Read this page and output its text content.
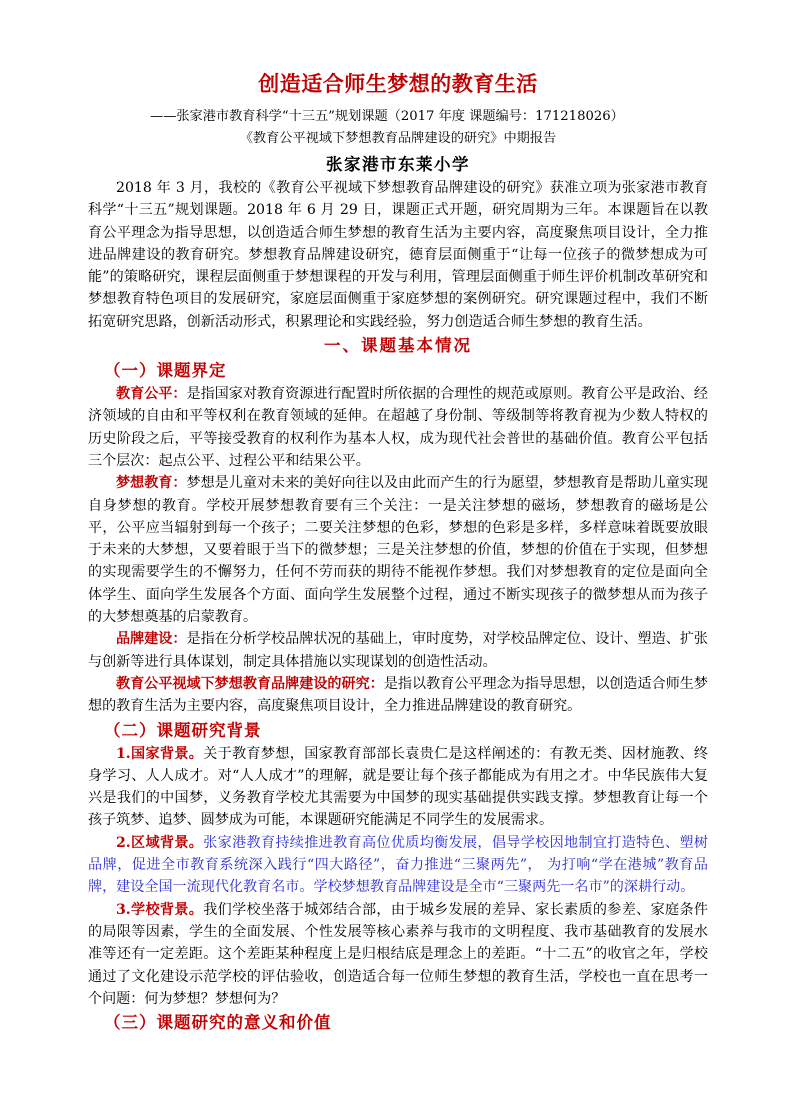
创造适合师生梦想的教育生活
——张家港市教育科学“十三五”规划课题（2017 年度 课题编号：171218026）
《教育公平视域下梦想教育品牌建设的研究》中期报告
张家港市东莱小学

2018 年 3 月，我校的《教育公平视域下梦想教育品牌建设的研究》获准立项为张家港市教育科学“十三五”规划课题。2018 年 6 月 29 日，课题正式开题，研究周期为三年。本课题旨在以教育公平理念为指导思想，以创造适合师生梦想的教育生活为主要内容，高度聚焦项目设计，全力推进品牌建设的教育研究。梦想教育品牌建设研究，德育层面侧重于“让每一位孩子的微梦想成为可能”的策略研究，课程层面侧重于梦想课程的开发与利用，管理层面侧重于师生评价机制改革研究和梦想教育特色项目的发展研究，家庭层面侧重于家庭梦想的案例研究。研究课题过程中，我们不断拓宽研究思路，创新活动形式，积累理论和实践经验，努力创造适合师生梦想的教育生活。

一、课题基本情况
（一）课题界定

教育公平：是指国家对教育资源进行配置时所依据的合理性的规范或原则。教育公平是政治、经济领域的自由和平等权利在教育领域的延伸。在超越了身份制、等级制等将教育视为少数人特权的历史阶段之后，平等接受教育的权利作为基本人权，成为现代社会普世的基础价值。教育公平包括三个层次：起点公平、过程公平和结果公平。

梦想教育：梦想是儿童对未来的美好向往以及由此而产生的行为愿望，梦想教育是帮助儿童实现自身梦想的教育。学校开展梦想教育要有三个关注：一是关注梦想的磁场，梦想教育的磁场是公平，公平应当辐射到每一个孩子；二要关注梦想的色彩，梦想的色彩是多样，多样意味着既要放眼于未来的大梦想，又要着眼于当下的微梦想；三是关注梦想的价值，梦想的价值在于实现，但梦想的实现需要学生的不懈努力，任何不劳而获的期待不能视作梦想。我们对梦想教育的定位是面向全体学生、面向学生发展各个方面、面向学生发展整个过程，通过不断实现孩子的微梦想从而为孩子的大梦想奠基的启蒙教育。

品牌建设：是指在分析学校品牌状况的基础上，审时度势，对学校品牌定位、设计、塑造、扩张与创新等进行具体谋划，制定具体措施以实现谋划的创造性活动。

教育公平视域下梦想教育品牌建设的研究：是指以教育公平理念为指导思想，以创造适合师生梦想的教育生活为主要内容，高度聚焦项目设计，全力推进品牌建设的教育研究。

（二）课题研究背景

1.国家背景。关于教育梦想，国家教育部部长袁贵仁是这样阐述的：有教无类、因材施教、终身学习、人人成才。对“人人成才”的理解，就是要让每个孩子都能成为有用之才。中华民族伟大复兴是我们的中国梦，义务教育学校尤其需要为中国梦的现实基础提供实践支撑。梦想教育让每一个孩子筑梦、追梦、圆梦成为可能，本课题研究能满足不同学生的发展需求。

2.区域背景。张家港教育持续推进教育高位优质均衡发展，倡导学校因地制宜打造特色、塑树品牌，促进全市教育系统深入践行“四大路径”，奋力推进“三聚两先”， 为打响“学在港城”教育品牌，建设全国一流现代化教育名市。学校梦想教育品牌建设是全市“三聚两先一名市”的深耕行动。

3.学校背景。我们学校坐落于城郊结合部，由于城乡发展的差异、家长素质的参差、家庭条件的局限等因素，学生的全面发展、个性发展等核心素养与我市的文明程度、我市基础教育的发展水准等还有一定差距。这个差距某种程度上是归根结底是理念上的差距。“十二五”的收官之年，学校通过了文化建设示范学校的评估验收，创造适合每一位师生梦想的教育生活，学校也一直在思考一个问题：何为梦想？梦想何为？

（三）课题研究的意义和价值
